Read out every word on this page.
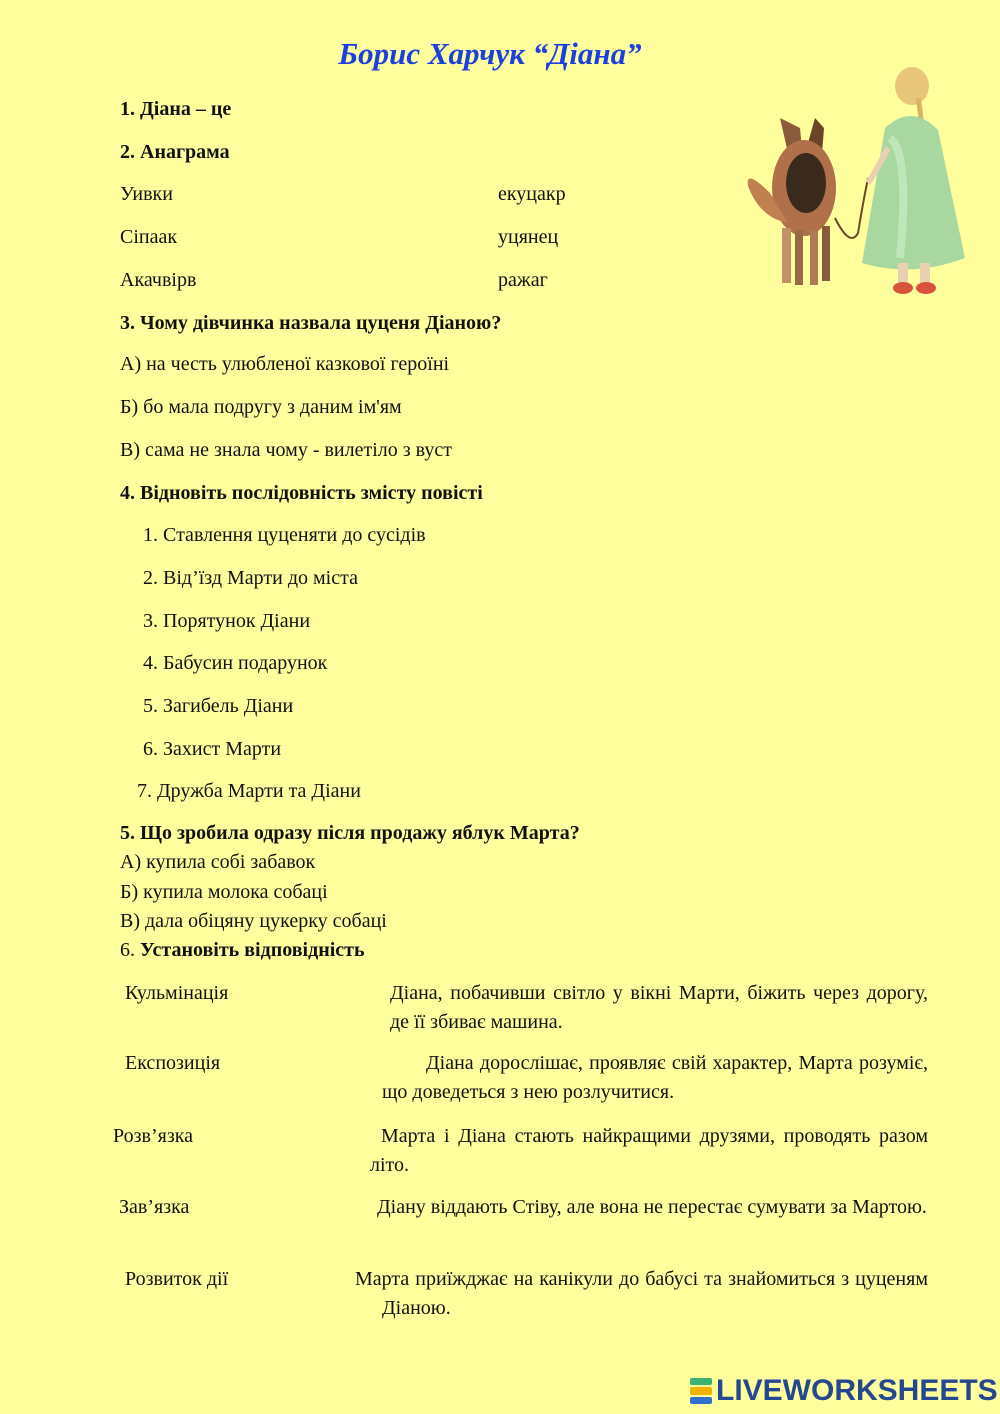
Борис Харчук “Діана”
1. Діана – це
2. Анаграма
Уивки	екуцакр
Сіпаак	уцянец
Акачвірв	ражаг
3. Чому дівчинка назвала цуценя Діаною?
А) на честь улюбленої казкової героїні
Б) бо мала подругу з даним ім'ям
В) сама не знала чому - вилетіло з вуст
4. Відновіть послідовність змісту повісті
1. Ставлення цуценяти до сусідів
2. Від’їзд Марти до міста
3. Порятунок Діани
4. Бабусин подарунок
5. Загибель Діани
6. Захист Марти
7. Дружба Марти та Діани
5. Що зробила одразу після продажу яблук Марта?
А) купила собі забавок
Б) купила молока собаці
В) дала обіцяну цукерку собаці
6. Установіть відповідність
Кульмінація	Діана, побачивши світло у вікні Марти, біжить через дорогу, де її збиває машина.
Експозиція	Діана дорослішає, проявляє свій характер, Марта розуміє, що доведеться з нею розлучитися.
Розв’язка	Марта і Діана стають найкращими друзями, проводять разом літо.
Зав’язка	Діану віддають Стіву, але вона не перестає сумувати за Мартою.
Розвиток дії	Марта приїжджає на канікули до бабусі та знайомиться з цуценям Діаною.
LIVEWORKSHEETS
